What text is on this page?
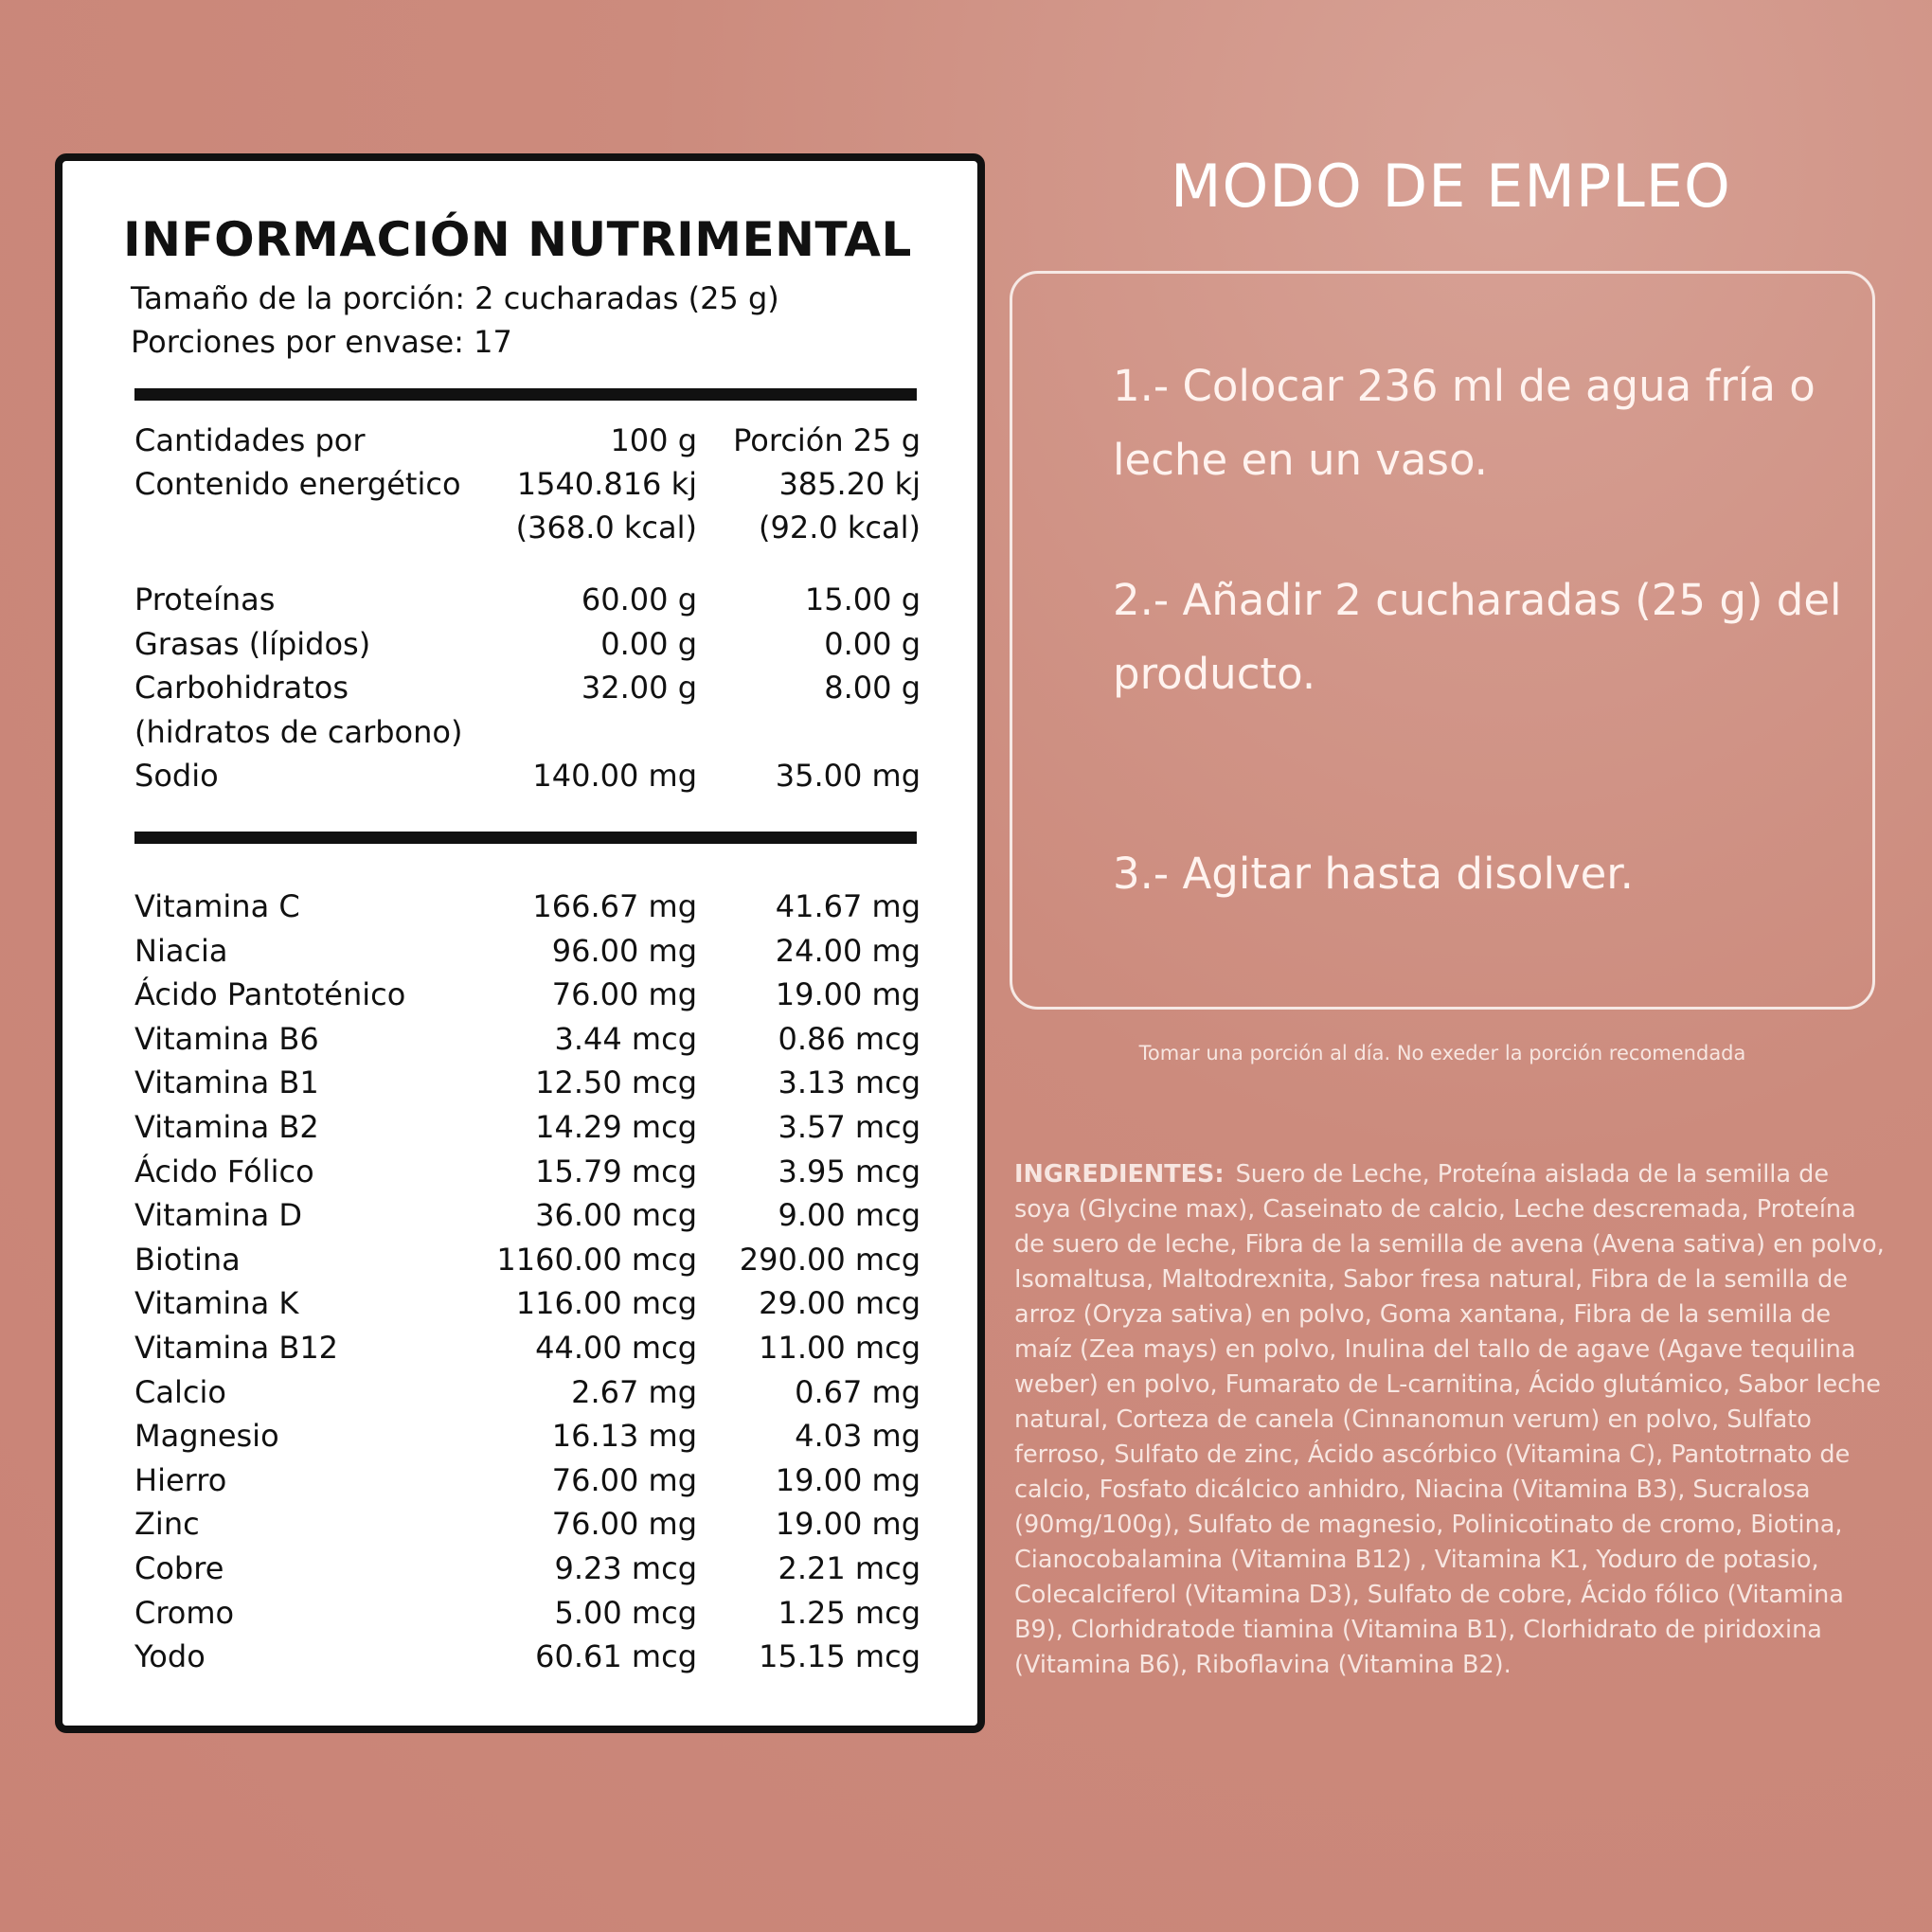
INFORMACIÓN NUTRIMENTAL
Tamaño de la porción: 2 cucharadas (25 g)
Porciones por envase: 17
Cantidades por	100 g Porción 25 g
Contenido energético 1540.816 kj	385.20 kj
(368.0 kcal) (92.0 kcal)
Proteínas	60.00 g	15.00 g
Grasas (lípidos)	0.00 g	0.00 g
Carbohidratos	32.00 g	8.00 g
(hidratos de carbono)
Sodio	140.00 mg	35.00 mg
Vitamina C	166.67 mg	41.67 mg
Niacia	96.00 mg	24.00 mg
Ácido Pantoténico	76.00 mg	19.00 mg
Vitamina B6	3.44 mcg	0.86 mcg
Vitamina B1	12.50 mcg	3.13 mcg
Vitamina B2	14.29 mcg	3.57 mcg
Ácido Fólico	15.79 mcg	3.95 mcg
Vitamina D	36.00 mcg	9.00 mcg
Biotina	1160.00 mcg 290.00 mcg
Vitamina K	116.00 mcg 29.00 mcg
Vitamina B12	44.00 mcg 11.00 mcg
Calcio	2.67 mg	0.67 mg
Magnesio	16.13 mg	4.03 mg
Hierro	76.00 mg	19.00 mg
Zinc	76.00 mg	19.00 mg
Cobre	9.23 mcg	2.21 mcg
Cromo	5.00 mcg	1.25 mcg
Yodo	60.61 mcg 15.15 mcg
MODO DE EMPLEO
1.- Colocar 236 ml de agua fría o leche en un vaso.
2.- Añadir 2 cucharadas (25 g) del producto.
3.- Agitar hasta disolver.
Tomar una porción al día. No exeder la porción recomendada
INGREDIENTES: Suero de Leche, Proteína aislada de la semilla de soya (Glycine max), Caseinato de calcio, Leche descremada, Proteína de suero de leche, Fibra de la semilla de avena (Avena sativa) en polvo, Isomaltusa, Maltodrexnita, Sabor fresa natural, Fibra de la semilla de arroz (Oryza sativa) en polvo, Goma xantana, Fibra de la semilla de maíz (Zea mays) en polvo, Inulina del tallo de agave (Agave tequilina weber) en polvo, Fumarato de L-carnitina, Ácido glutámico, Sabor leche natural, Corteza de canela (Cinnanomun verum) en polvo, Sulfato ferroso, Sulfato de zinc, Ácido ascórbico (Vitamina C), Pantotrnato de calcio, Fosfato dicálcico anhidro, Niacina (Vitamina B3), Sucralosa (90mg/100g), Sulfato de magnesio, Polinicotinato de cromo, Biotina, Cianocobalamina (Vitamina B12) , Vitamina K1, Yoduro de potasio, Colecalciferol (Vitamina D3), Sulfato de cobre, Ácido fólico (Vitamina B9), Clorhidratode tiamina (Vitamina B1), Clorhidrato de piridoxina (Vitamina B6), Riboflavina (Vitamina B2).
